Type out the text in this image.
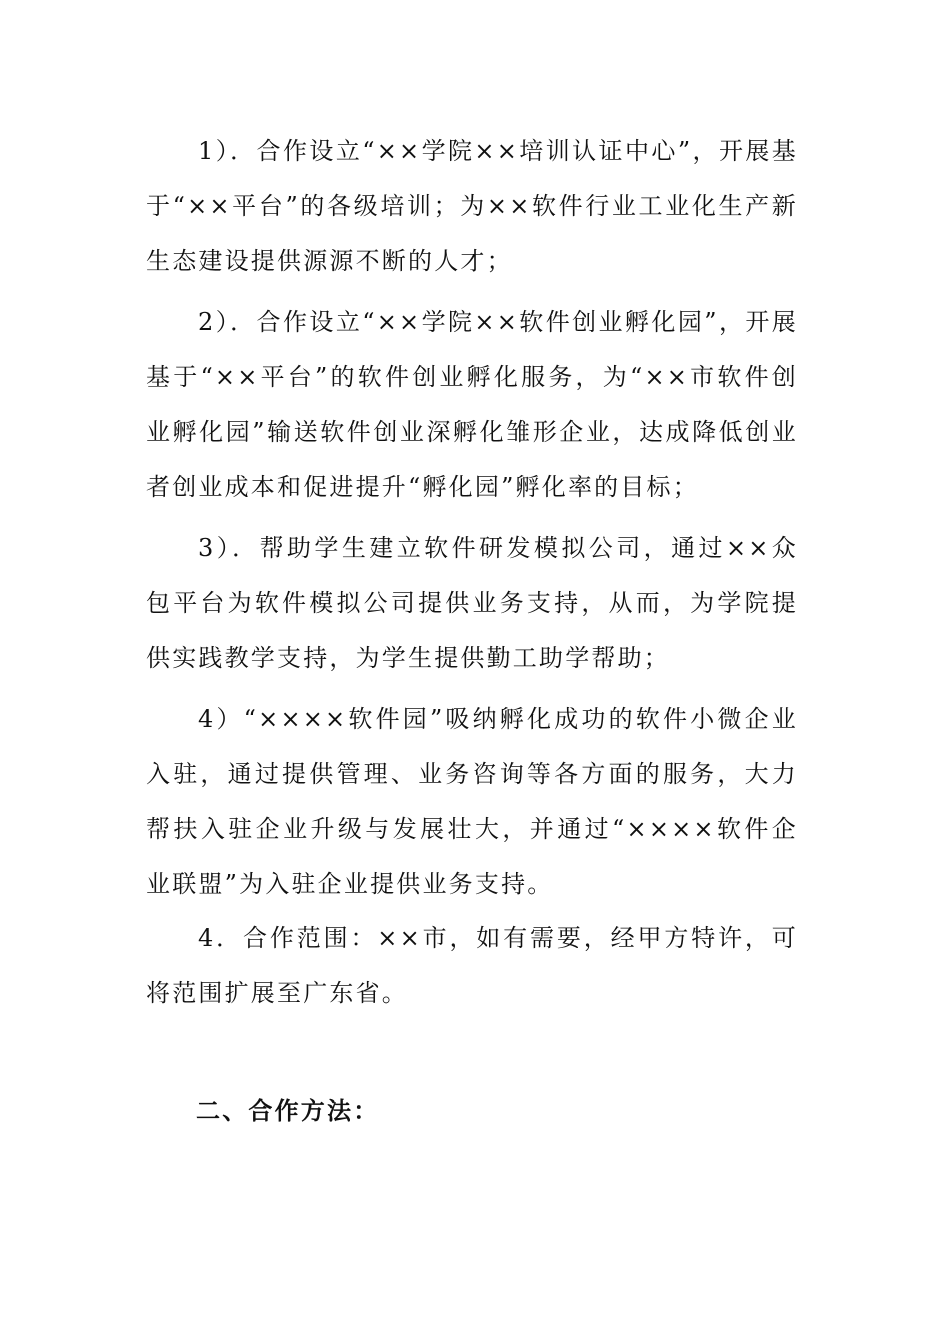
1）．合作设立“××学院××培训认证中心”，开展基于“××平台”的各级培训；为××软件行业工业化生产新生态建设提供源源不断的人才；

2）．合作设立“××学院××软件创业孵化园”，开展基于“××平台”的软件创业孵化服务，为“××市软件创业孵化园”输送软件创业深孵化雏形企业，达成降低创业者创业成本和促进提升“孵化园”孵化率的目标；

3）．帮助学生建立软件研发模拟公司，通过××众包平台为软件模拟公司提供业务支持，从而，为学院提供实践教学支持，为学生提供勤工助学帮助；

4）“××××软件园”吸纳孵化成功的软件小微企业入驻，通过提供管理、业务咨询等各方面的服务，大力帮扶入驻企业升级与发展壮大，并通过“××××软件企业联盟”为入驻企业提供业务支持。

4．合作范围：××市，如有需要，经甲方特许，可将范围扩展至广东省。

二、合作方法：
